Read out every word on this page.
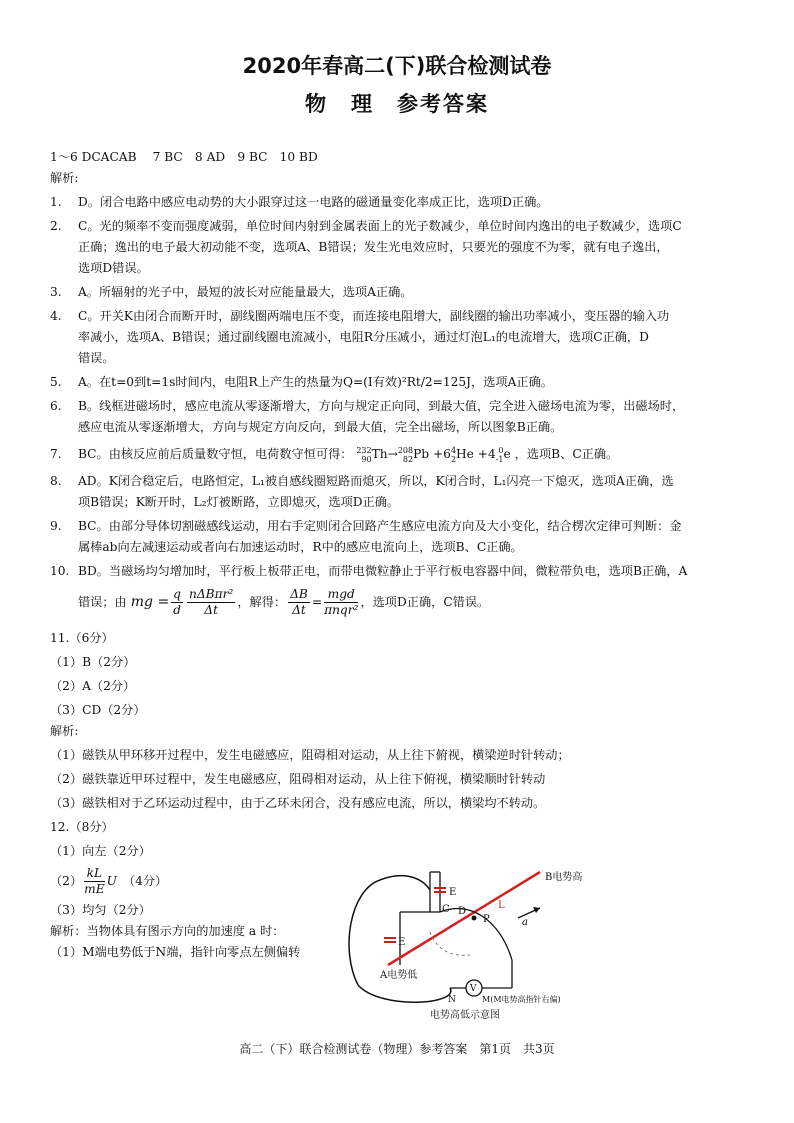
2020年春高二(下)联合检测试卷
物　理　参考答案
1～6 DCACAB　 7 BC　8 AD　9 BC　10 BD
解析:
1.	D。闭合电路中感应电动势的大小跟穿过这一电路的磁通量变化率成正比，选项D正确。
2.	C。光的频率不变而强度减弱，单位时间内射到金属表面上的光子数减少，单位时间内逸出的电子数减少，选项C
正确；逸出的电子最大初动能不变，选项A、B错误；发生光电效应时，只要光的强度不为零，就有电子逸出，
选项D错误。
3.	A。所辐射的光子中，最短的波长对应能量最大，选项A正确。
4.	C。开关K由闭合而断开时，副线圈两端电压不变，而连接电阻增大，副线圈的输出功率减小，变压器的输入功
率减小，选项A、B错误；通过副线圈电流减小，电阻R分压减小，通过灯泡L₁的电流增大，选项C正确，D
错误。
5.	A。在t=0到t=1s时间内，电阻R上产生的热量为Q=(I有效)²Rt/2=125J，选项A正确。
6.	B。线框进磁场时，感应电流从零逐渐增大，方向与规定正向同，到最大值，完全进入磁场电流为零，出磁场时，
感应电流从零逐渐增大，方向与规定方向反向，到最大值，完全出磁场，所以图象B正确。
7.	BC。由核反应前后质量数守恒，电荷数守恒可得： 232
90Th→208
82Pb +64
2He +4 0
-1e ，选项B、C正确。
8.	AD。K闭合稳定后，电路恒定，L₁被自感线圈短路而熄灭，所以，K闭合时，L₁闪亮一下熄灭，选项A正确，选
项B错误；K断开时，L₂灯被断路，立即熄灭，选项D正确。
9.	BC。由部分导体切割磁感线运动，用右手定则闭合回路产生感应电流方向及大小变化，结合楞次定律可判断：金
属棒ab向左减速运动或者向右加速运动时，R中的感应电流向上，选项B、C正确。
10. BD。当磁场均匀增加时，平行板上板带正电，而带电微粒静止于平行板电容器中间，微粒带负电，选项B正确，A
错误；由 mg = $\frac{q}{d} \frac{\text{nΔBπr²}}{\Delta t}$ ，解得： $\frac{\Delta B}{\Delta t} = \frac{\text{mgd}}{\text{πnqr²}}$ ，选项D正确，C错误。
11.（6分）
（1）B（2分）
（2）A（2分）
（3）CD（2分）
解析:
（1）磁铁从甲环移开过程中，发生电磁感应，阻碍相对运动，从上往下俯视，横梁逆时针转动；
（2）磁铁靠近甲环过程中，发生电磁感应，阻碍相对运动，从上往下俯视，横梁顺时针转动
（3）磁铁相对于乙环运动过程中，由于乙环未闭合，没有感应电流，所以，横梁均不转动。
12.（8分）
（1）向左（2分）
$(2) \frac{kL}{mE}$ U （4分）
（3）均匀（2分）
解析：当物体具有图示方向的加速度 a 时：
（1）M端电势低于N端，指针向零点左侧偏转
B电势高
A电势低
E
E
C D
P
L
a
N
V
M(M电势高指针右偏)
电势高低示意图
高二（下）联合检测试卷（物理）参考答案　第1页　共3页
